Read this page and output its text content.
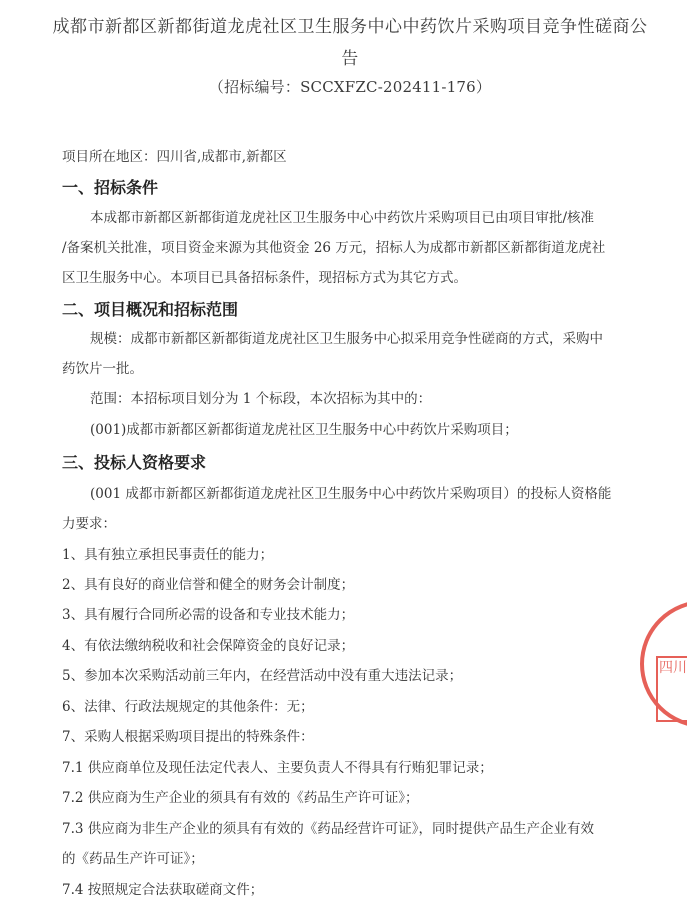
成都市新都区新都街道龙虎社区卫生服务中心中药饮片采购项目竞争性磋商公
告
（招标编号：SCCXFZC-202411-176）
项目所在地区：四川省,成都市,新都区
一、招标条件
本成都市新都区新都街道龙虎社区卫生服务中心中药饮片采购项目已由项目审批/核准
/备案机关批准，项目资金来源为其他资金 26 万元，招标人为成都市新都区新都街道龙虎社
区卫生服务中心。本项目已具备招标条件，现招标方式为其它方式。
二、项目概况和招标范围
规模：成都市新都区新都街道龙虎社区卫生服务中心拟采用竞争性磋商的方式，采购中
药饮片一批。
范围：本招标项目划分为 1 个标段，本次招标为其中的：
(001)成都市新都区新都街道龙虎社区卫生服务中心中药饮片采购项目；
三、投标人资格要求
(001 成都市新都区新都街道龙虎社区卫生服务中心中药饮片采购项目）的投标人资格能
力要求：
1、具有独立承担民事责任的能力；
2、具有良好的商业信誉和健全的财务会计制度；
3、具有履行合同所必需的设备和专业技术能力；
4、有依法缴纳税收和社会保障资金的良好记录；
5、参加本次采购活动前三年内，在经营活动中没有重大违法记录；
6、法律、行政法规规定的其他条件：无；
7、采购人根据采购项目提出的特殊条件：
7.1 供应商单位及现任法定代表人、主要负责人不得具有行贿犯罪记录；
7.2 供应商为生产企业的须具有有效的《药品生产许可证》；
7.3 供应商为非生产企业的须具有有效的《药品经营许可证》，同时提供产品生产企业有效
的《药品生产许可证》；
7.4 按照规定合法获取磋商文件；
四川
